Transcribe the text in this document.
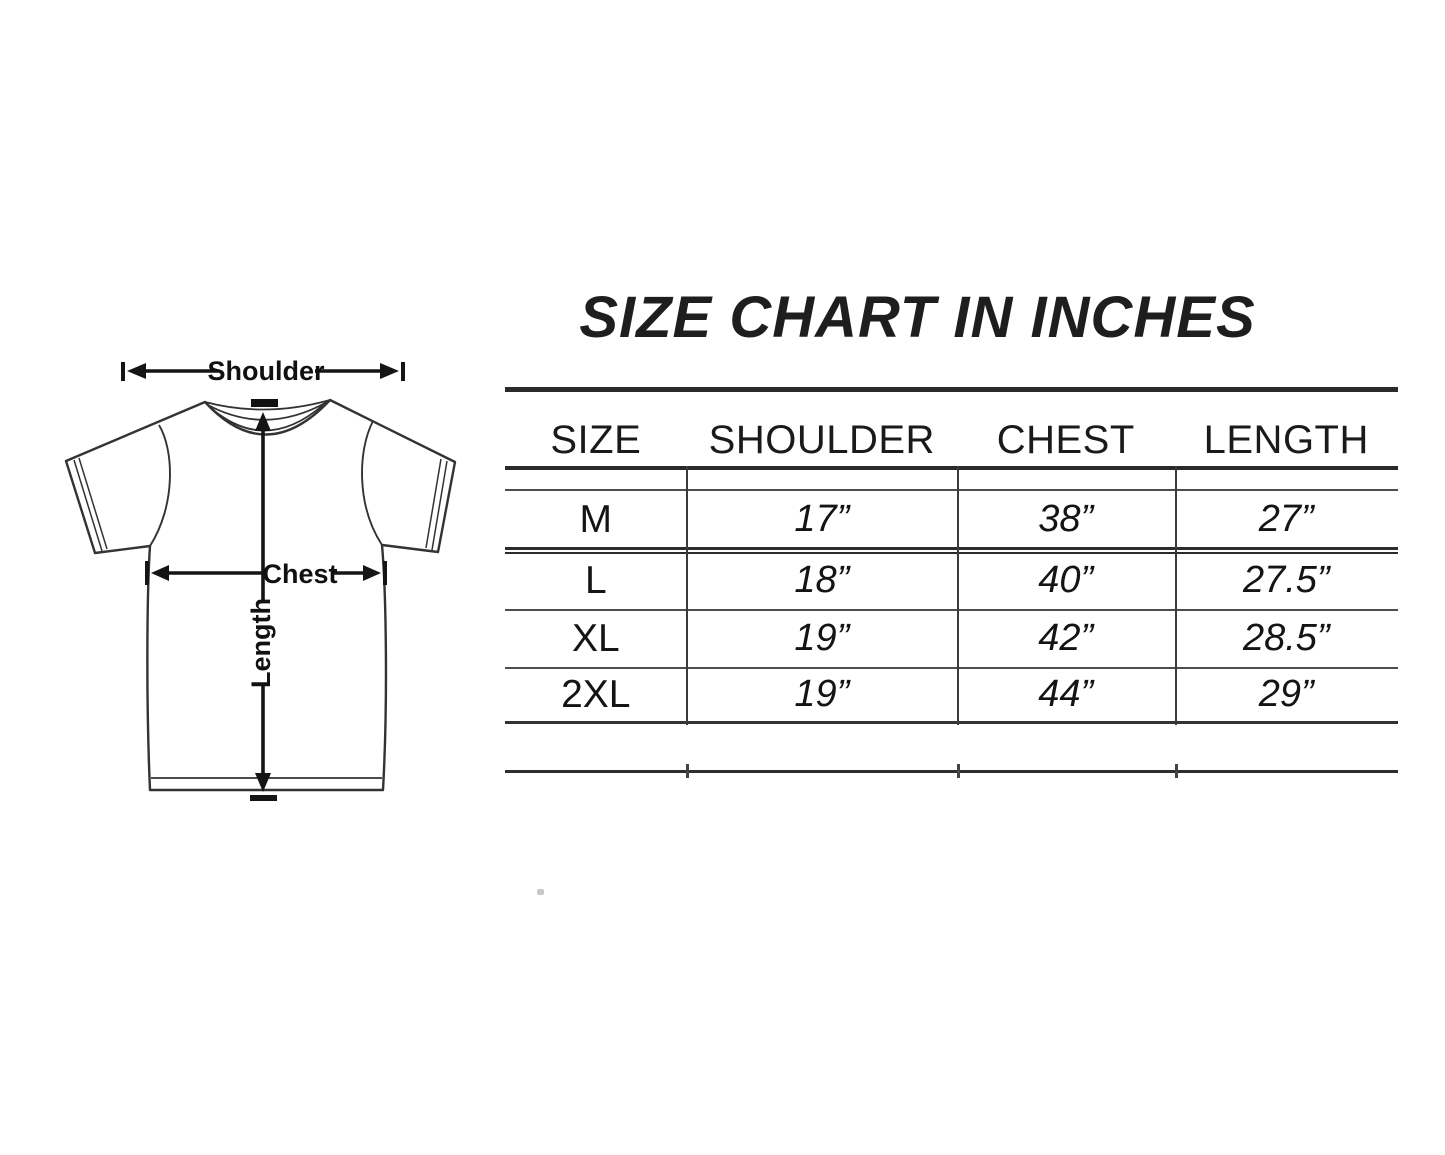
Shoulder
Length
Chest
SIZE CHART IN INCHES
SIZE	SHOULDER	CHEST	LENGTH
M	17”	38”	27”
L	18”	40”	27.5”
XL	19”	42”	28.5”
2XL	19”	44”	29”
